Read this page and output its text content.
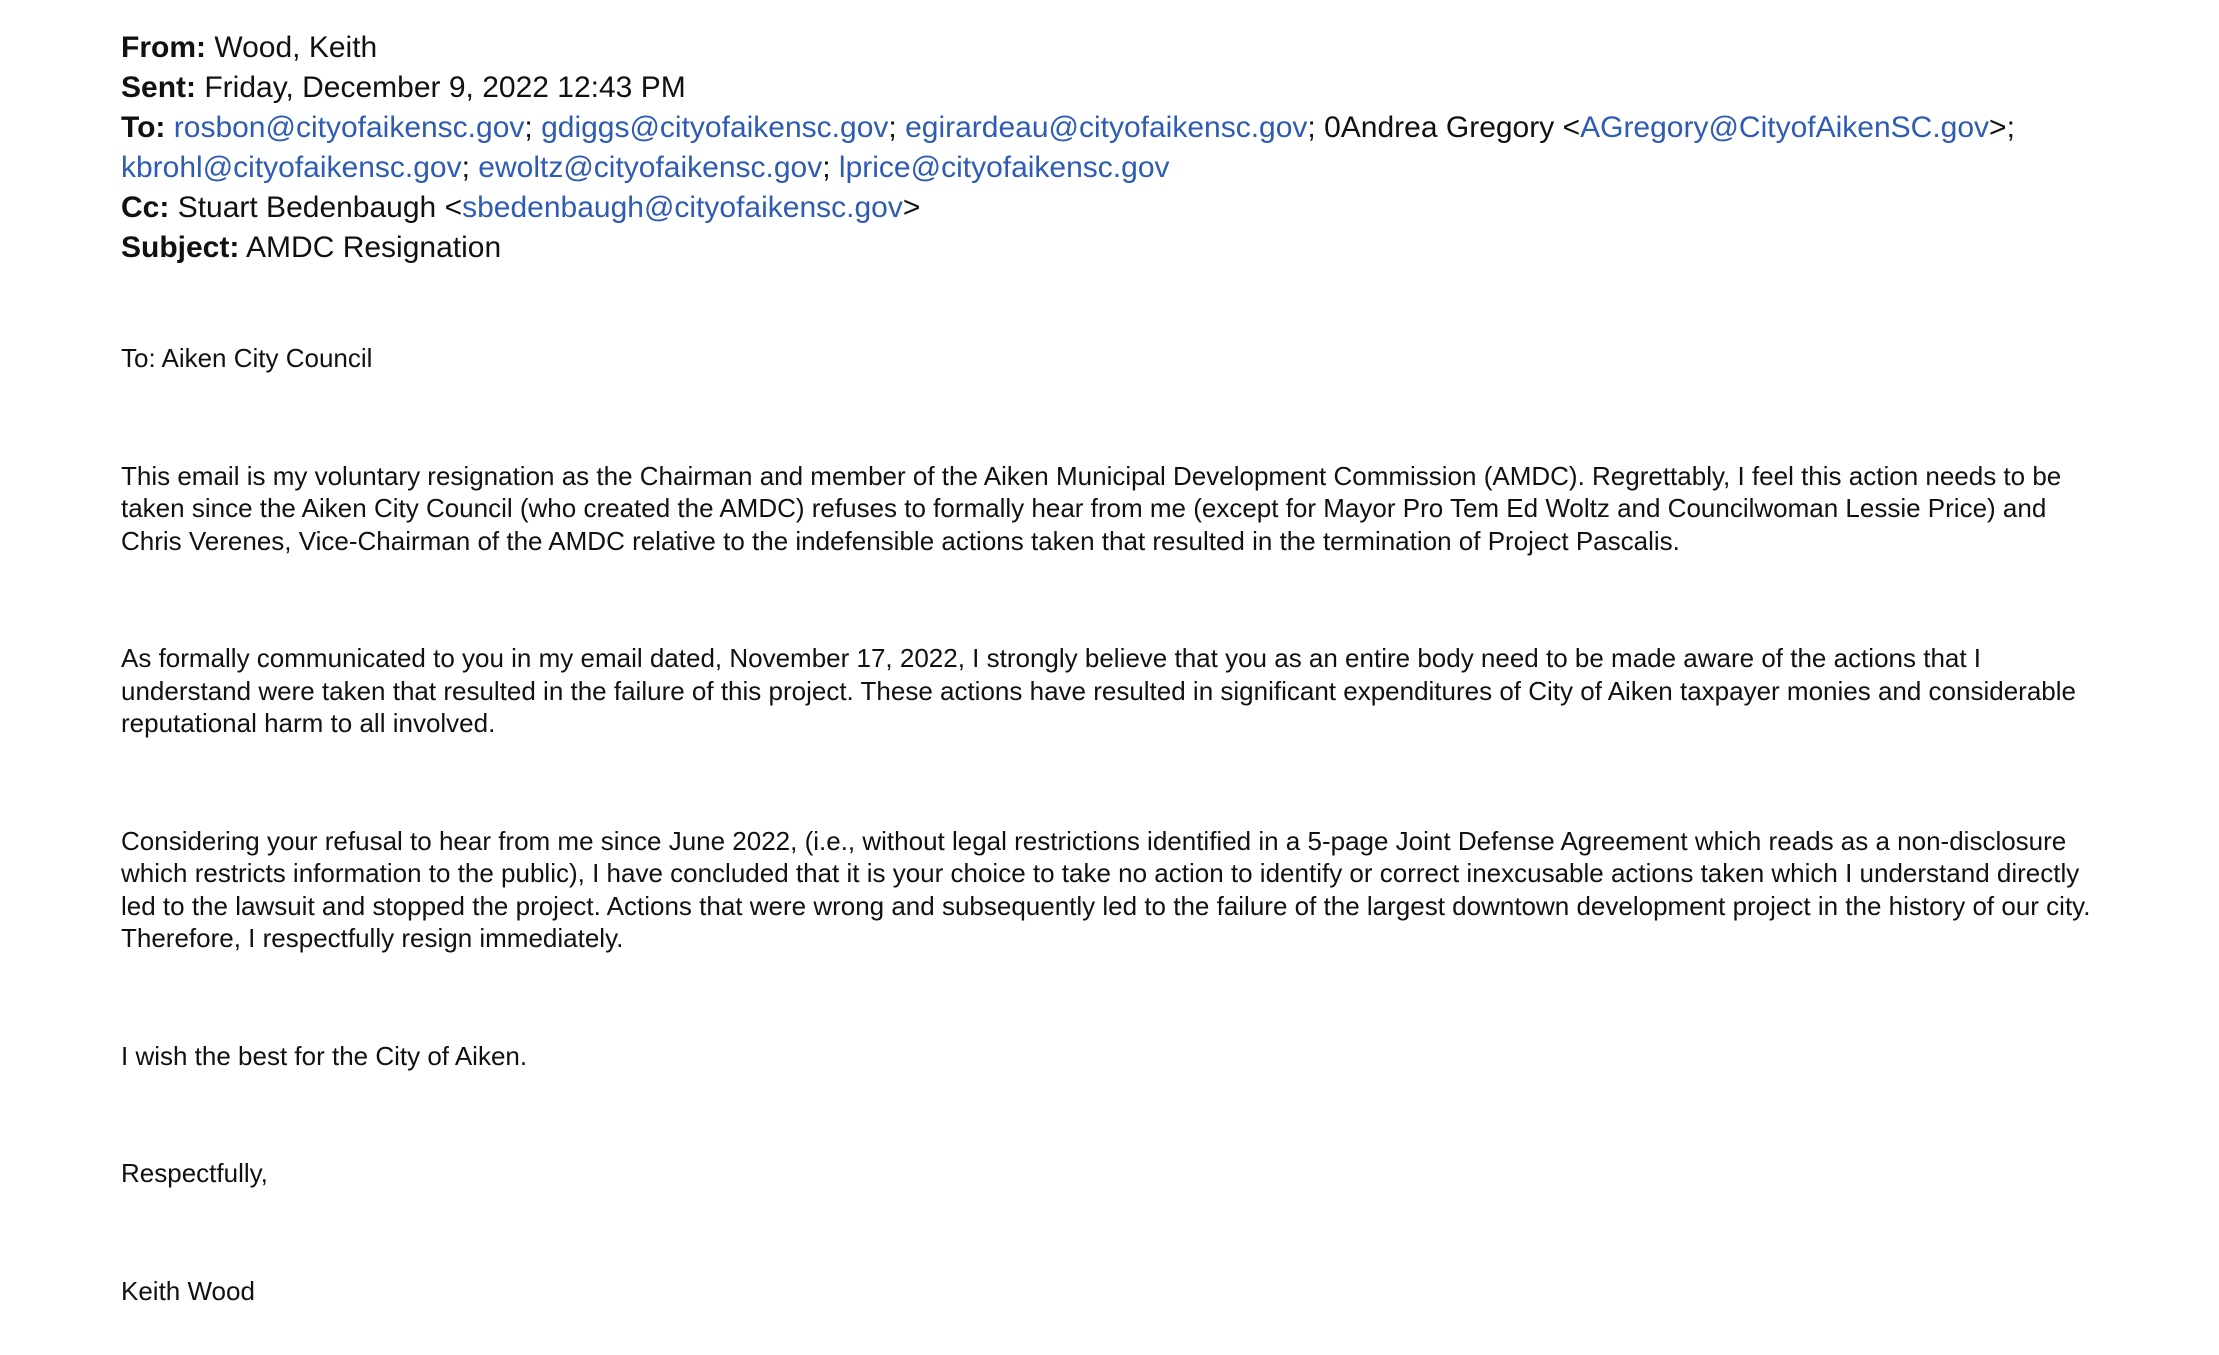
From: Wood, Keith
Sent: Friday, December 9, 2022 12:43 PM
To: rosbon@cityofaikensc.gov; gdiggs@cityofaikensc.gov; egirardeau@cityofaikensc.gov; 0Andrea Gregory <AGregory@CityofAikenSC.gov>;
kbrohl@cityofaikensc.gov; ewoltz@cityofaikensc.gov; lprice@cityofaikensc.gov
Cc: Stuart Bedenbaugh <sbedenbaugh@cityofaikensc.gov>
Subject: AMDC Resignation

To: Aiken City Council

This email is my voluntary resignation as the Chairman and member of the Aiken Municipal Development Commission (AMDC). Regrettably, I feel this action needs to be
taken since the Aiken City Council (who created the AMDC) refuses to formally hear from me (except for Mayor Pro Tem Ed Woltz and Councilwoman Lessie Price) and
Chris Verenes, Vice-Chairman of the AMDC relative to the indefensible actions taken that resulted in the termination of Project Pascalis.
As formally communicated to you in my email dated, November 17, 2022, I strongly believe that you as an entire body need to be made aware of the actions that I
understand were taken that resulted in the failure of this project. These actions have resulted in significant expenditures of City of Aiken taxpayer monies and considerable
reputational harm to all involved.
Considering your refusal to hear from me since June 2022, (i.e., without legal restrictions identified in a 5-page Joint Defense Agreement which reads as a non-disclosure
which restricts information to the public), I have concluded that it is your choice to take no action to identify or correct inexcusable actions taken which I understand directly
led to the lawsuit and stopped the project. Actions that were wrong and subsequently led to the failure of the largest downtown development project in the history of our city.
Therefore, I respectfully resign immediately.

I wish the best for the City of Aiken.

Respectfully,

Keith Wood
